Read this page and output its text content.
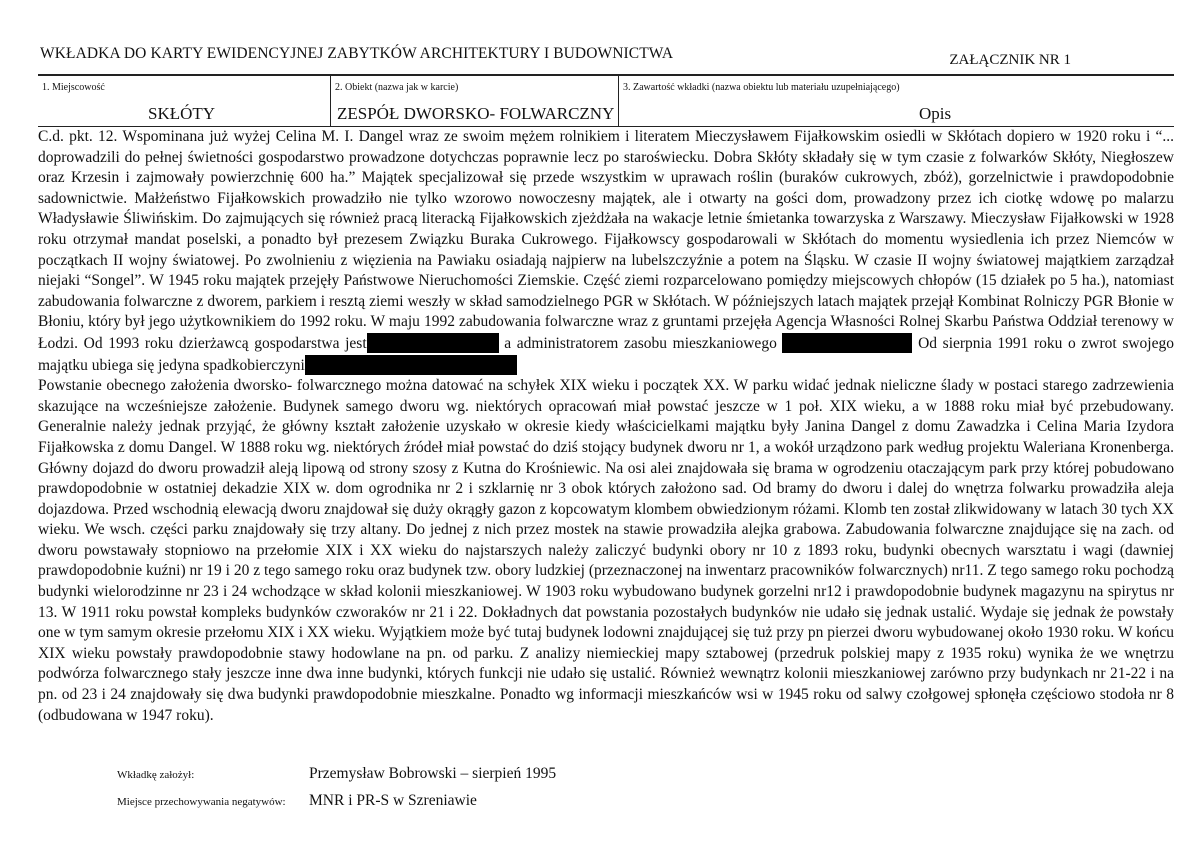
WKŁADKA DO KARTY EWIDENCYJNEJ ZABYTKÓW ARCHITEKTURY I BUDOWNICTWA	ZAŁĄCZNIK NR 1
1. Miejscowość
SKŁÓTY
2. Obiekt (nazwa jak w karcie)
ZESPÓŁ DWORSKO- FOLWARCZNY
3. Zawartość wkładki (nazwa obiektu lub materiału uzupełniającego)
Opis

C.d. pkt. 12. Wspominana już wyżej Celina M. I. Dangel wraz ze swoim mężem rolnikiem i literatem Mieczysławem Fijałkowskim osiedli w Skłótach dopiero w 1920 roku i “... doprowadzili do pełnej świetności gospodarstwo prowadzone dotychczas poprawnie lecz po staroświecku. Dobra Skłóty składały się w tym czasie z folwarków Skłóty, Niegłoszew oraz Krzesin i zajmowały powierzchnię 600 ha.” Majątek specjalizował się przede wszystkim w uprawach roślin (buraków cukrowych, zbóż), gorzelnictwie i prawdopodobnie sadownictwie. Małżeństwo Fijałkowskich prowadziło nie tylko wzorowo nowoczesny majątek, ale i otwarty na gości dom, prowadzony przez ich ciotkę wdowę po malarzu Władysławie Śliwińskim. Do zajmujących się również pracą literacką Fijałkowskich zjeżdżała na wakacje letnie śmietanka towarzyska z Warszawy. Mieczysław Fijałkowski w 1928 roku otrzymał mandat poselski, a ponadto był prezesem Związku Buraka Cukrowego. Fijałkowscy gospodarowali w Skłótach do momentu wysiedlenia ich przez Niemców w początkach II wojny światowej. Po zwolnieniu z więzienia na Pawiaku osiadają najpierw na lubelszczyźnie a potem na Śląsku. W czasie II wojny światowej majątkiem zarządzał niejaki “Songel”. W 1945 roku majątek przejęły Państwowe Nieruchomości Ziemskie. Część ziemi rozparcelowano pomiędzy miejscowych chłopów (15 działek po 5 ha.), natomiast zabudowania folwarczne z dworem, parkiem i resztą ziemi weszły w skład samodzielnego PGR w Skłótach. W późniejszych latach majątek przejął Kombinat Rolniczy PGR Błonie w Błoniu, który był jego użytkownikiem do 1992 roku. W maju 1992 zabudowania folwarczne wraz z gruntami przejęła Agencja Własności Rolnej Skarbu Państwa Oddział terenowy w Łodzi. Od 1993 roku dzierżawcą gospodarstwa jest	a administratorem zasobu mieszkaniowego	Od sierpnia 1991 roku o zwrot swojego majątku ubiega się jedyna spadkobierczyni

Powstanie obecnego założenia dworsko- folwarcznego można datować na schyłek XIX wieku i początek XX. W parku widać jednak nieliczne ślady w postaci starego zadrzewienia skazujące na wcześniejsze założenie. Budynek samego dworu wg. niektórych opracowań miał powstać jeszcze w 1 poł. XIX wieku, a w 1888 roku miał być przebudowany. Generalnie należy jednak przyjąć, że główny kształt założenie uzyskało w okresie kiedy właścicielkami majątku były Janina Dangel z domu Zawadzka i Celina Maria Izydora Fijałkowska z domu Dangel. W 1888 roku wg. niektórych źródeł miał powstać do dziś stojący budynek dworu nr 1, a wokół urządzono park według projektu Waleriana Kronenberga. Główny dojazd do dworu prowadził aleją lipową od strony szosy z Kutna do Krośniewic. Na osi alei znajdowała się brama w ogrodzeniu otaczającym park przy której pobudowano prawdopodobnie w ostatniej dekadzie XIX w. dom ogrodnika nr 2 i szklarnię nr 3 obok których założono sad. Od bramy do dworu i dalej do wnętrza folwarku prowadziła aleja dojazdowa. Przed wschodnią elewacją dworu znajdował się duży okrągły gazon z kopcowatym klombem obwiedzionym różami. Klomb ten został zlikwidowany w latach 30 tych XX wieku. We wsch. części parku znajdowały się trzy altany. Do jednej z nich przez mostek na stawie prowadziła alejka grabowa. Zabudowania folwarczne znajdujące się na zach. od dworu powstawały stopniowo na przełomie XIX i XX wieku do najstarszych należy zaliczyć budynki obory nr 10 z 1893 roku, budynki obecnych warsztatu i wagi (dawniej prawdopodobnie kuźni) nr 19 i 20 z tego samego roku oraz budynek tzw. obory ludzkiej (przeznaczonej na inwentarz pracowników folwarcznych) nr11. Z tego samego roku pochodzą budynki wielorodzinne nr 23 i 24 wchodzące w skład kolonii mieszkaniowej. W 1903 roku wybudowano budynek gorzelni nr12 i prawdopodobnie budynek magazynu na spirytus nr 13. W 1911 roku powstał kompleks budynków czworaków nr 21 i 22. Dokładnych dat powstania pozostałych budynków nie udało się jednak ustalić. Wydaje się jednak że powstały one w tym samym okresie przełomu XIX i XX wieku. Wyjątkiem może być tutaj budynek lodowni znajdującej się tuż przy pn pierzei dworu wybudowanej około 1930 roku. W końcu XIX wieku powstały prawdopodobnie stawy hodowlane na pn. od parku. Z analizy niemieckiej mapy sztabowej (przedruk polskiej mapy z 1935 roku) wynika że we wnętrzu podwórza folwarcznego stały jeszcze inne dwa inne budynki, których funkcji nie udało się ustalić. Również wewnątrz kolonii mieszkaniowej zarówno przy budynkach nr 21-22 i na pn. od 23 i 24 znajdowały się dwa budynki prawdopodobnie mieszkalne. Ponadto wg informacji mieszkańców wsi w 1945 roku od salwy czołgowej spłonęła częściowo stodoła nr 8 (odbudowana w 1947 roku).

Wkładkę założył:	Przemysław Bobrowski – sierpień 1995
Miejsce przechowywania negatywów: MNR i PR-S w Szreniawie
